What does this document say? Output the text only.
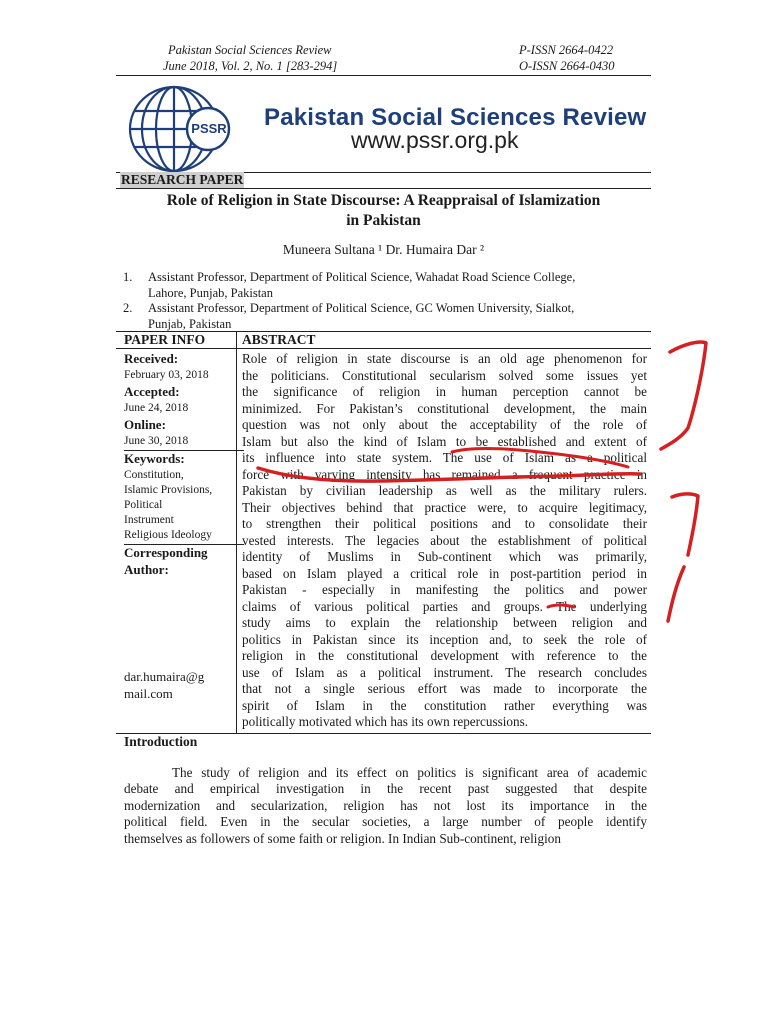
Pakistan Social Sciences Review
June 2018, Vol. 2, No. 1 [283-294]
P-ISSN 2664-0422
O-ISSN 2664-0430
PSSR Pakistan Social Sciences Review
www.pssr.org.pk
RESEARCH PAPER
Role of Religion in State Discourse: A Reappraisal of Islamization
in Pakistan
Muneera Sultana ¹ Dr. Humaira Dar ²
1. Assistant Professor, Department of Political Science, Wahadat Road Science College,
Lahore, Punjab, Pakistan
2. Assistant Professor, Department of Political Science, GC Women University, Sialkot,
Punjab, Pakistan
PAPER INFO	ABSTRACT
Received:
February 03, 2018
Accepted:
June 24, 2018
Online:
June 30, 2018
Keywords:
Constitution,
Islamic Provisions,
Political
Instrument
Religious Ideology
Corresponding
Author:
dar.humaira@g
mail.com
Role of religion in state discourse is an old age phenomenon for
the politicians. Constitutional secularism solved some issues yet
the significance of religion in human perception cannot be
minimized. For Pakistan’s constitutional development, the main
question was not only about the acceptability of the role of
Islam but also the kind of Islam to be established and extent of
its influence into state system. The use of Islam as a political
force with varying intensity has remained a frequent practice in
Pakistan by civilian leadership as well as the military rulers.
Their objectives behind that practice were, to acquire legitimacy,
to strengthen their political positions and to consolidate their
vested interests. The legacies about the establishment of political
identity of Muslims in Sub-continent which was primarily,
based on Islam played a critical role in post-partition period in
Pakistan - especially in manifesting the politics and power
claims of various political parties and groups. The underlying
study aims to explain the relationship between religion and
politics in Pakistan since its inception and, to seek the role of
religion in the constitutional development with reference to the
use of Islam as a political instrument. The research concludes
that not a single serious effort was made to incorporate the
spirit of Islam in the constitution rather everything was
politically motivated which has its own repercussions.
Introduction
The study of religion and its effect on politics is significant area of academic
debate and empirical investigation in the recent past suggested that despite
modernization and secularization, religion has not lost its importance in the
political field. Even in the secular societies, a large number of people identify
themselves as followers of some faith or religion. In Indian Sub-continent, religion
